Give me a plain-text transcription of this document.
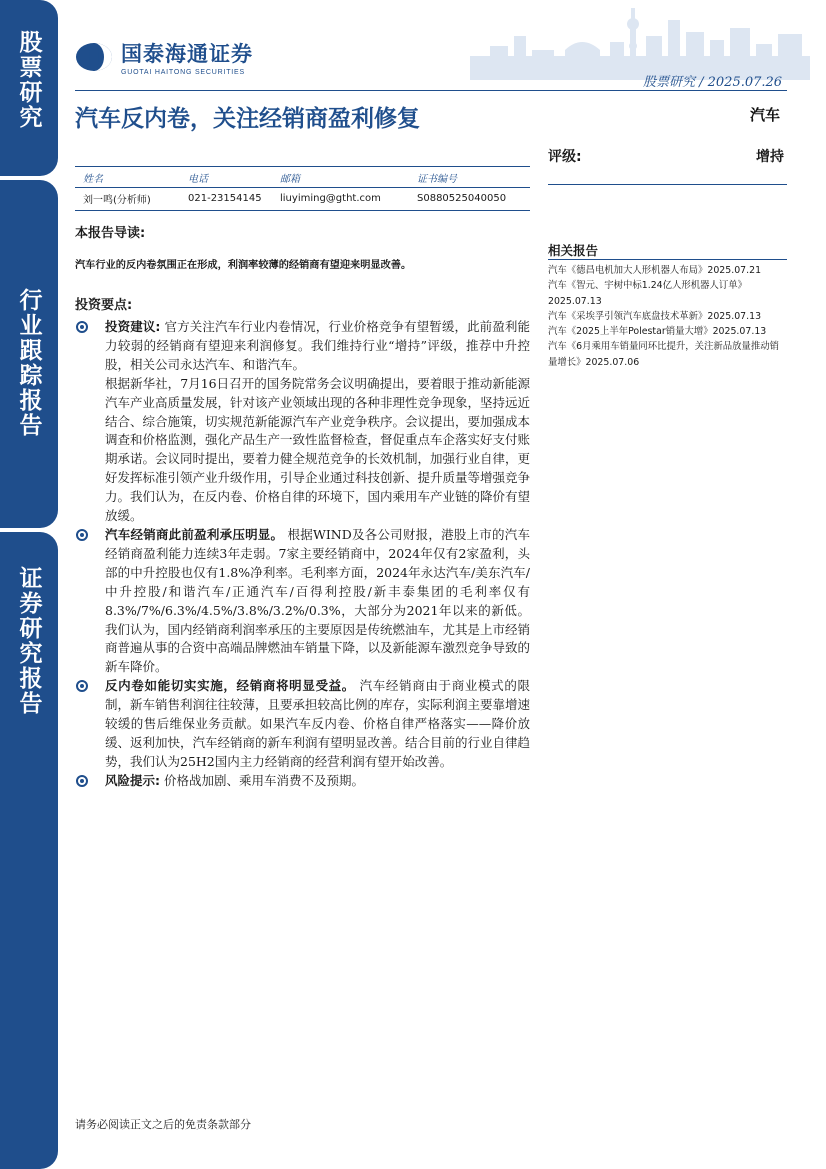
股票研究
行业跟踪报告
证券研究报告
国泰海通证券
GUOTAI HAITONG SECURITIES
股票研究 / 2025.07.26
汽车反内卷，关注经销商盈利修复	汽车
姓名	电话	邮箱	证书编号
刘一鸣(分析师)	021-23154145	liuyiming@gtht.com	S0880525040050
评级:	增持
本报告导读:
汽车行业的反内卷氛围正在形成，利润率较薄的经销商有望迎来明显改善。
投资要点:
投资建议: 官方关注汽车行业内卷情况，行业价格竞争有望暂缓，此前盈利能力较弱的经销商有望迎来利润修复。我们维持行业“增持”评级，推荐中升控股，相关公司永达汽车、和谐汽车。
根据新华社，7月16日召开的国务院常务会议明确提出，要着眼于推动新能源汽车产业高质量发展，针对该产业领域出现的各种非理性竞争现象，坚持远近结合、综合施策，切实规范新能源汽车产业竞争秩序。会议提出，要加强成本调查和价格监测，强化产品生产一致性监督检查，督促重点车企落实好支付账期承诺。会议同时提出，要着力健全规范竞争的长效机制，加强行业自律，更好发挥标准引领产业升级作用，引导企业通过科技创新、提升质量等增强竞争力。我们认为，在反内卷、价格自律的环境下，国内乘用车产业链的降价有望放缓。
汽车经销商此前盈利承压明显。 根据WIND及各公司财报，港股上市的汽车经销商盈利能力连续3年走弱。7家主要经销商中，2024年仅有2家盈利，头部的中升控股也仅有1.8%净利率。毛利率方面，2024年永达汽车/美东汽车/中升控股/和谐汽车/正通汽车/百得利控股/新丰泰集团的毛利率仅有8.3%/7%/6.3%/4.5%/3.8%/3.2%/0.3%，大部分为2021年以来的新低。我们认为，国内经销商利润率承压的主要原因是传统燃油车，尤其是上市经销商普遍从事的合资中高端品牌燃油车销量下降，以及新能源车激烈竞争导致的新车降价。
反内卷如能切实实施，经销商将明显受益。 汽车经销商由于商业模式的限制，新车销售利润往往较薄，且要承担较高比例的库存，实际利润主要靠增速较缓的售后维保业务贡献。如果汽车反内卷、价格自律严格落实——降价放缓、返利加快，汽车经销商的新车利润有望明显改善。结合目前的行业自律趋势，我们认为25H2国内主力经销商的经营利润有望开始改善。
风险提示: 价格战加剧、乘用车消费不及预期。
相关报告
汽车《德昌电机加大人形机器人布局》2025.07.21
汽车《智元、宇树中标1.24亿人形机器人订单》2025.07.13
汽车《采埃孚引领汽车底盘技术革新》2025.07.13
汽车《2025上半年Polestar销量大增》2025.07.13
汽车《6月乘用车销量同环比提升，关注新品放量推动销量增长》2025.07.06
请务必阅读正文之后的免责条款部分
